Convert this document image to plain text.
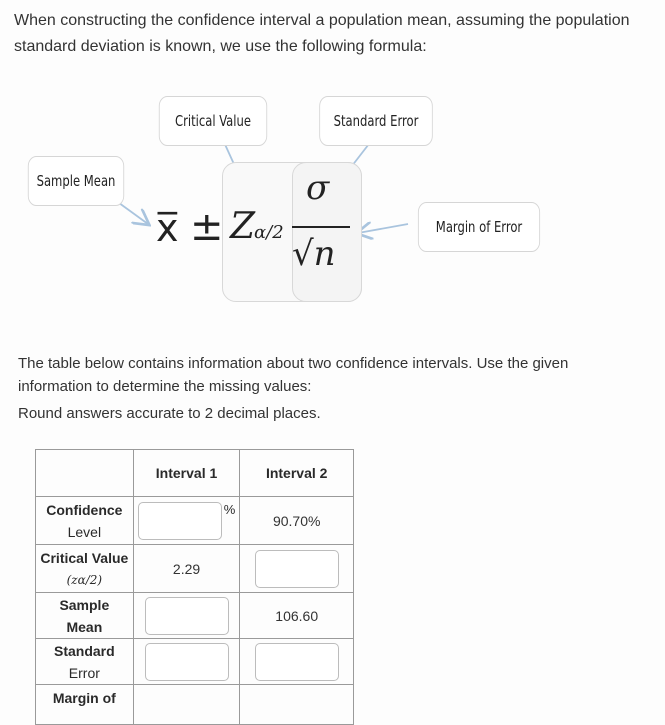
When constructing the confidence interval a population mean, assuming the population standard deviation is known, we use the following formula:
Critical Value	Standard Error
Sample Mean
Margin of Error
x̅ ± Z
α/2
σ
√n

The table below contains information about two confidence intervals. Use the given information to determine the missing values:

Round answers accurate to 2 decimal places.

	Interval 1	Interval 2

Confidence
Level	%	90.70%

Critical Value
(zα/2)	2.29	

Sample
Mean		106.60

Standard
Error		

Margin of		
